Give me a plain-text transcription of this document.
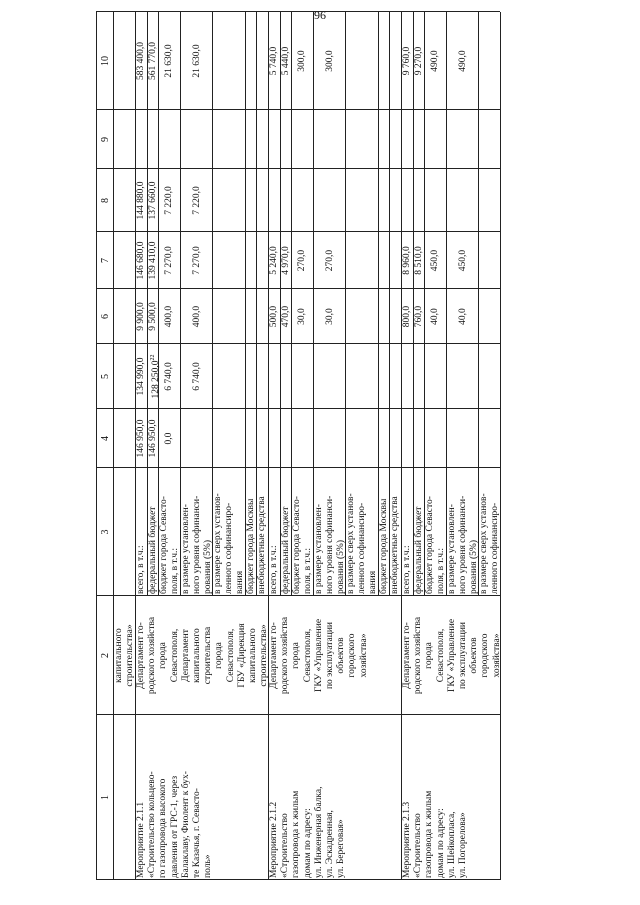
96
1
2
3
4
5
6
7
8
9
10
капитального строительства»
Мероприятие 2.1.1 «Строительство кольцево- го газопровода высокого давления от ГРС-1, через Балаклаву, Фиолент к бух- те Казачья, г. Севасто- поль»
Департамент го- родского хозяйства города Севастополя, Департамент капитального строительства города Севастополя, ГБУ «Дирекция капитального строительства»
всего, в т.ч.:
146 950,0
134 990,0
9 900,0
146 680,0
144 880,0
583 400,0
федеральный бюджет
146 950,0
128 250,0$^{22}$
9 500,0
139 410,0
137 660,0
561 770,0
бюджет города Севасто- поля, в т.ч.:
0,0
6 740,0
400,0
7 270,0
7 220,0
21 630,0
в размере установлен- ного уровня софинанси- рования (5%)
6 740,0
400,0
7 270,0
7 220,0
21 630,0
в размере сверх установ- ленного софинансиро- вания бюджет города Москвы внебюджетные средства
Мероприятие 2.1.2 «Строительство газопровода к жилым домам по адресу: ул. Инженерная балка, ул. Эскадренная, ул. Береговая»
Департамент го- родского хозяйства города Севастополя, ГКУ «Управление по эксплуатации объектов городского хозяйства»
всего, в т.ч.:
500,0
5 240,0
5 740,0
федеральный бюджет
470,0
4 970,0
5 440,0
бюджет города Севасто- поля, в т.ч.:
30,0
270,0
300,0
в размере установлен- ного уровня софинанси- рования (5%)
30,0
270,0
300,0
в размере сверх установ- ленного софинансиро- вания бюджет города Москвы внебюджетные средства
Мероприятие 2.1.3 «Строительство газопровода к жилым домам по адресу: ул. Шейкопласа, ул. Погорелова»
Департамент го- родского хозяйства города Севастополя, ГКУ «Управление по эксплуатации объектов городского хозяйства»
всего, в т.ч.:
800,0
8 960,0
9 760,0
федеральный бюджет
760,0
8 510,0
9 270,0
бюджет города Севасто- поля, в т.ч.:
40,0
450,0
490,0
в размере установлен- ного уровня софинанси- рования (5%)
40,0
450,0
490,0
в размере сверх установ- ленного софинансиро-
